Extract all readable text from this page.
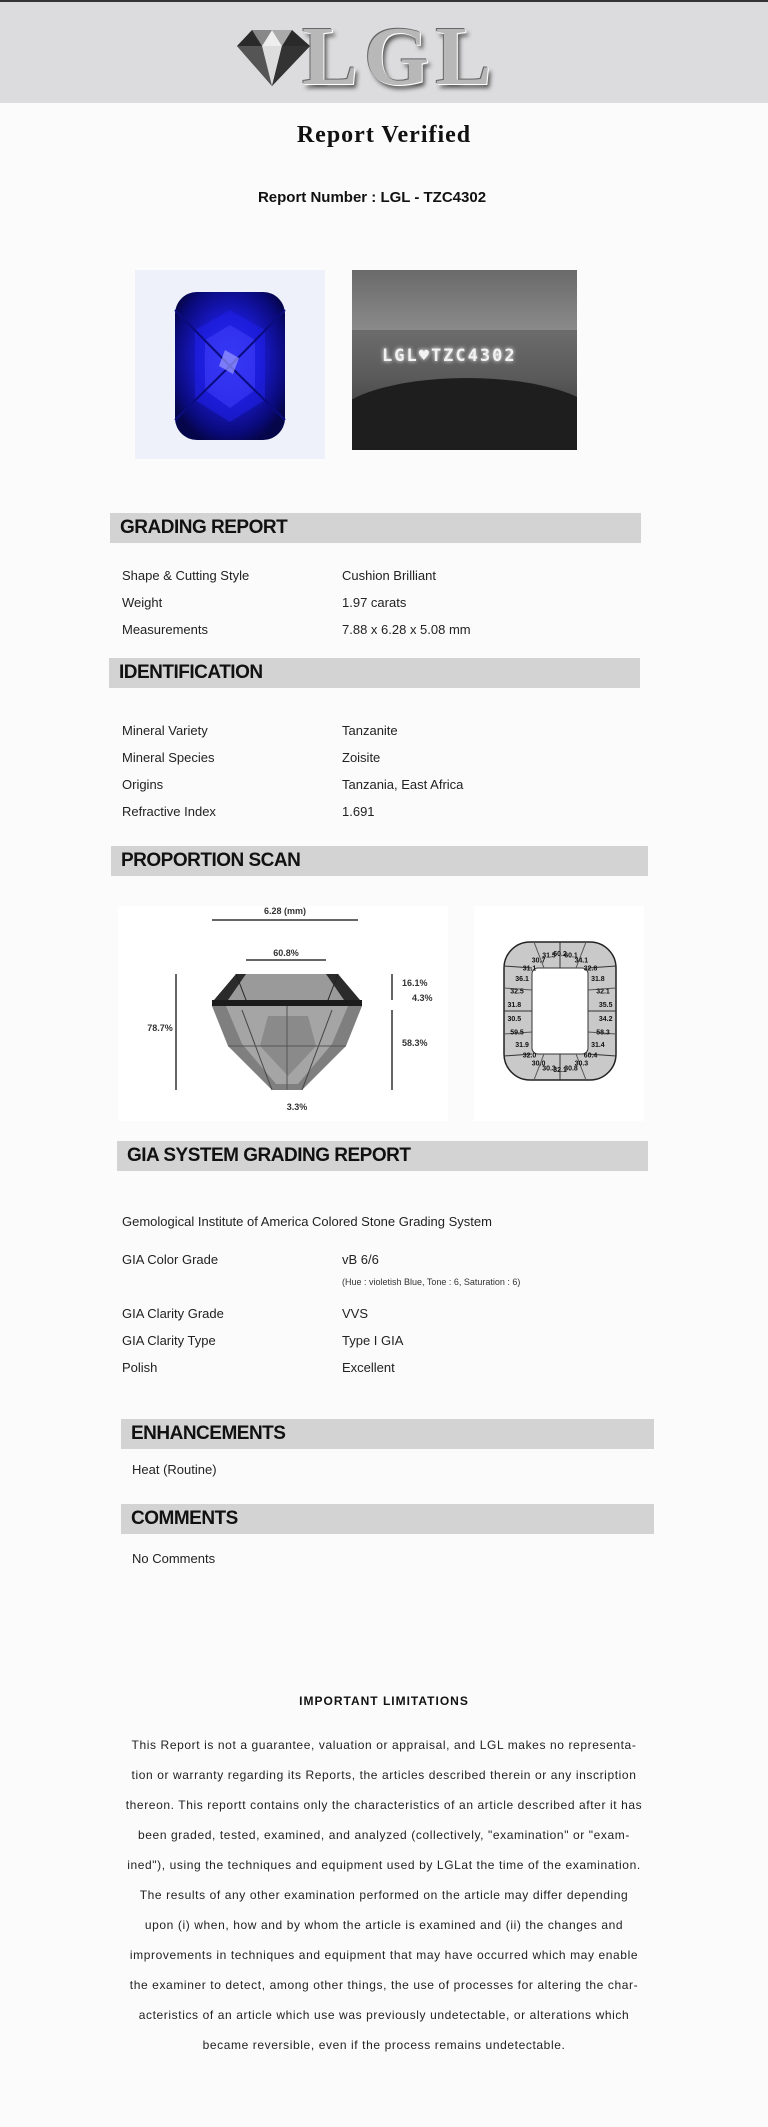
LGL
Report Verified
Report Number : LGL - TZC4302
LGL♥TZC4302
GRADING REPORT
Shape & Cutting Style	Cushion Brilliant
Weight	1.97 carats
Measurements	7.88 x 6.28 x 5.08 mm
IDENTIFICATION
Mineral Variety	Tanzanite
Mineral Species	Zoisite
Origins	Tanzania, East Africa
Refractive Index	1.691
PROPORTION SCAN
6.28 (mm)
60.8%
78.7%
16.1%
4.3%
58.3%
3.3%
60.2
60.1
34.1
32.8
31.8
32.1
35.5
34.2
58.3
31.4
60.4
30.3
30.8
32.1
30.3
30.0
32.0
31.9
59.5
30.5
31.8
32.5
36.1
31.1
30.7
31.5
GIA SYSTEM GRADING REPORT
Gemological Institute of America Colored Stone Grading System
GIA Color Grade	vB 6/6
(Hue : violetish Blue, Tone : 6, Saturation : 6)
GIA Clarity Grade	VVS
GIA Clarity Type	Type I GIA
Polish	Excellent
ENHANCEMENTS
Heat (Routine)
COMMENTS
No Comments
IMPORTANT LIMITATIONS
This Report is not a guarantee, valuation or appraisal, and LGL makes no representa-
tion or warranty regarding its Reports, the articles described therein or any inscription
thereon. This reportt contains only the characteristics of an article described after it has
been graded, tested, examined, and analyzed (collectively, "examination" or "exam-
ined"), using the techniques and equipment used by LGLat the time of the examination.
The results of any other examination performed on the article may differ depending
upon (i) when, how and by whom the article is examined and (ii) the changes and
improvements in techniques and equipment that may have occurred which may enable
the examiner to detect, among other things, the use of processes for altering the char-
acteristics of an article which use was previously undetectable, or alterations which
became reversible, even if the process remains undetectable.
